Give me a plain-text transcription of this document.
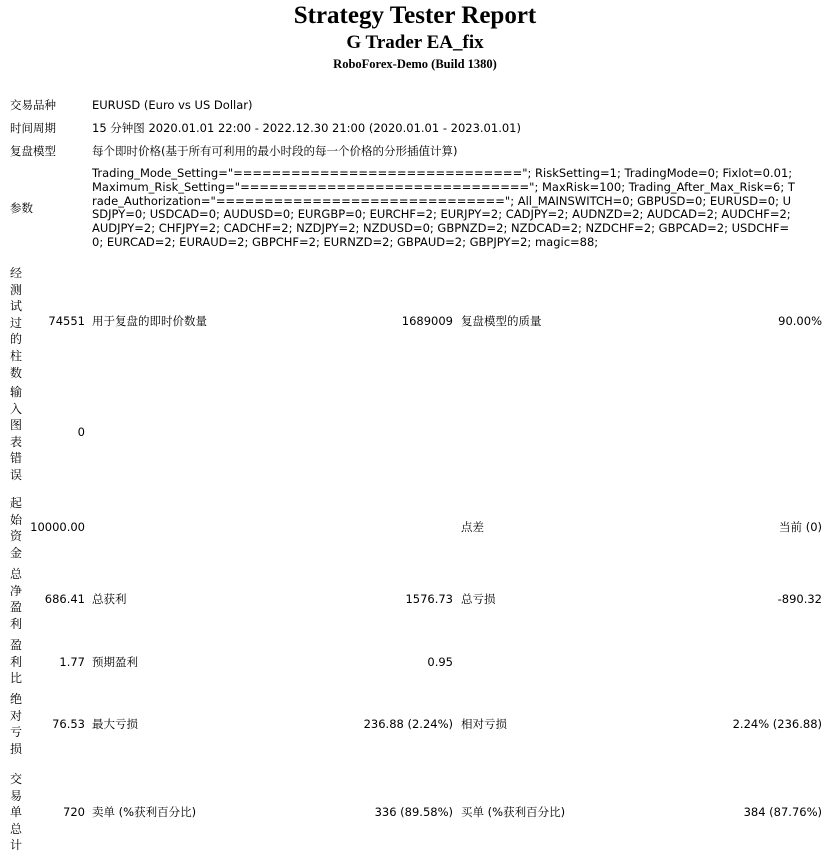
Strategy Tester Report
G Trader EA_fix
RoboForex-Demo (Build 1380)
交易品种	EURUSD (Euro vs US Dollar)
时间周期	15 分钟图 2020.01.01 22:00 - 2022.12.30 21:00 (2020.01.01 - 2023.01.01)
复盘模型	每个即时价格(基于所有可利用的最小时段的每一个价格的分形插值计算)
参数
Trading_Mode_Setting="=============================="; RiskSetting=1; TradingMode=0; Fixlot=0.01; Maximum_Risk_Setting="=============================="; MaxRisk=100; Trading_After_Max_Risk=6; Trade_Authorization="=============================="; All_MAINSWITCH=0; GBPUSD=0; EURUSD=0; USDJPY=0; USDCAD=0; AUDUSD=0; EURGBP=0; EURCHF=2; EURJPY=2; CADJPY=2; AUDNZD=2; AUDCAD=2; AUDCHF=2; AUDJPY=2; CHFJPY=2; CADCHF=2; NZDJPY=2; NZDUSD=0; GBPNZD=2; NZDCAD=2; NZDCHF=2; GBPCAD=2; USDCHF=0; EURCAD=2; EURAUD=2; GBPCHF=2; EURNZD=2; GBPAUD=2; GBPJPY=2; magic=88;
经测试过的柱数
74551 用于复盘的即时价数量	1689009 复盘模型的质量	90.00%
输入图表错误
0
起始资金
10000.00	点差	当前 (0)
总净盈利
686.41 总获利	1576.73 总亏损	-890.32
盈利比
1.77 预期盈利	0.95
绝对亏损
76.53 最大亏损	236.88 (2.24%) 相对亏损	2.24% (236.88)
交易单总计
720 卖单 (%获利百分比)	336 (89.58%) 买单 (%获利百分比)	384 (87.76%)
